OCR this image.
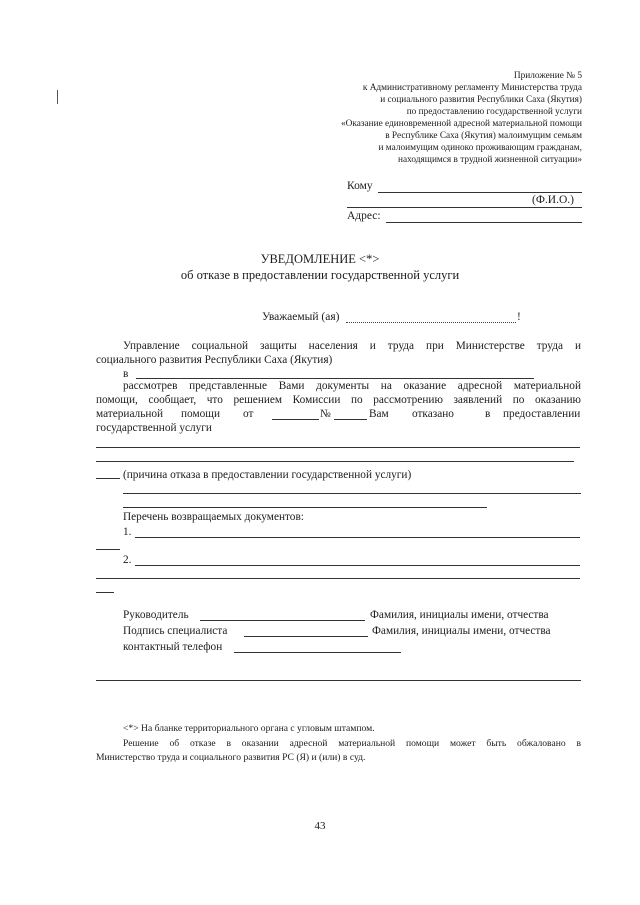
Приложение № 5
к Административному регламенту Министерства труда
и социального развития Республики Саха (Якутия)
по предоставлению государственной услуги
«Оказание единовременной адресной материальной помощи
в Республике Саха (Якутия) малоимущим семьям
и малоимущим одиноко проживающим гражданам,
находящимся в трудной жизненной ситуации»
Кому
(Ф.И.О.)
Адрес:
УВЕДОМЛЕНИЕ <*>
об отказе в предоставлении государственной услуги
Уважаемый (ая)	!
Управление социальной защиты населения и труда при Министерстве труда и
социального развития Республики Саха (Якутия)
в
рассмотрев представленные Вами документы на оказание адресной материальной
помощи, сообщает, что решением Комиссии по рассмотрению заявлений по оказанию
материальной помощи от	№	Вам отказано	в предоставлении
государственной услуги
(причина отказа в предоставлении государственной услуги)
Перечень возвращаемых документов:
1.
2.
Руководитель	Фамилия, инициалы имени, отчества
Подпись специалиста	Фамилия, инициалы имени, отчества
контактный телефон
<*> На бланке территориального органа с угловым штампом.
Решение об отказе в оказании адресной материальной помощи может быть обжаловано в
Министерство труда и социального развития РС (Я) и (или) в суд.
43
